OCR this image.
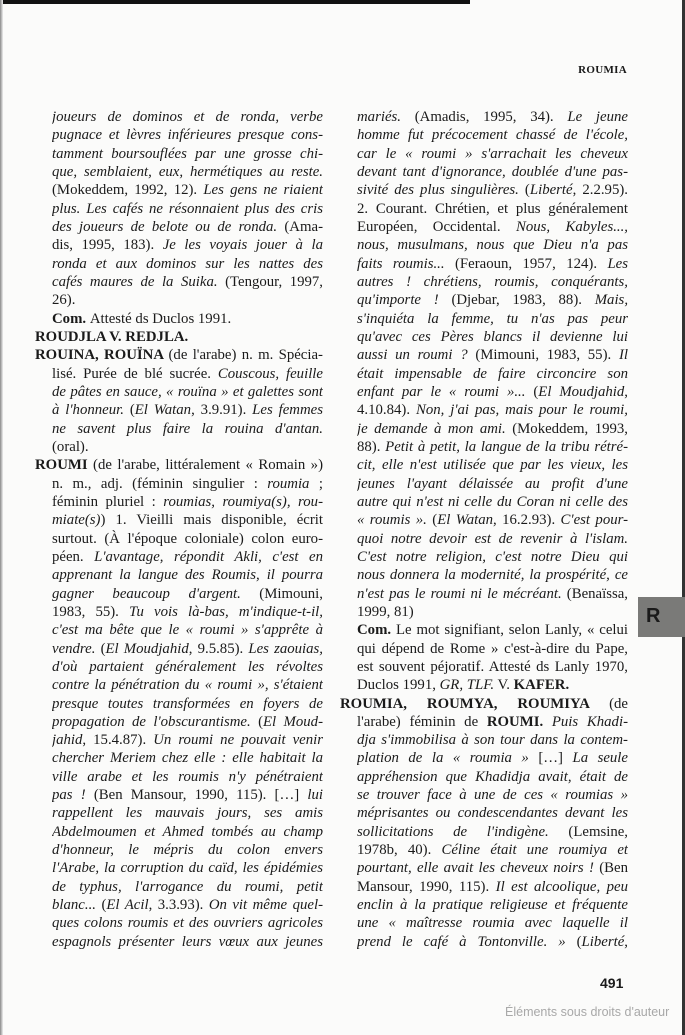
ROUMIA
joueurs de dominos et de ronda, verbe
pugnace et lèvres inférieures presque cons-
tamment boursouflées par une grosse chi-
que, semblaient, eux, hermétiques au reste.
(Mokeddem, 1992, 12). Les gens ne riaient
plus. Les cafés ne résonnaient plus des cris
des joueurs de belote ou de ronda. (Ama-
dis, 1995, 183). Je les voyais jouer à la
ronda et aux dominos sur les nattes des
cafés maures de la Suika. (Tengour, 1997,
26).
Com. Attesté ds Duclos 1991.
ROUDJLA V. REDJLA.
ROUINA, ROUÏNA (de l'arabe) n. m. Spécia-
lisé. Purée de blé sucrée. Couscous, feuille
de pâtes en sauce, « rouïna » et galettes sont
à l'honneur. (El Watan, 3.9.91). Les femmes
ne savent plus faire la rouina d'antan.
(oral).
ROUMI (de l'arabe, littéralement « Romain »)
n. m., adj. (féminin singulier : roumia ;
féminin pluriel : roumias, roumiya(s), rou-
miate(s)) 1. Vieilli mais disponible, écrit
surtout. (À l'époque coloniale) colon euro-
péen. L'avantage, répondit Akli, c'est en
apprenant la langue des Roumis, il pourra
gagner beaucoup d'argent. (Mimouni,
1983, 55). Tu vois là-bas, m'indique-t-il,
c'est ma bête que le « roumi » s'apprête à
vendre. (El Moudjahid, 9.5.85). Les zaouias,
d'où partaient généralement les révoltes
contre la pénétration du « roumi », s'étaient
presque toutes transformées en foyers de
propagation de l'obscurantisme. (El Moud-
jahid, 15.4.87). Un roumi ne pouvait venir
chercher Meriem chez elle : elle habitait la
ville arabe et les roumis n'y pénétraient
pas ! (Ben Mansour, 1990, 115). […] lui
rappellent les mauvais jours, ses amis
Abdelmoumen et Ahmed tombés au champ
d'honneur, le mépris du colon envers
l'Arabe, la corruption du caïd, les épidémies
de typhus, l'arrogance du roumi, petit
blanc... (El Acil, 3.3.93). On vit même quel-
ques colons roumis et des ouvriers agricoles
espagnols présenter leurs vœux aux jeunes
mariés. (Amadis, 1995, 34). Le jeune
homme fut précocement chassé de l'école,
car le « roumi » s'arrachait les cheveux
devant tant d'ignorance, doublée d'une pas-
sivité des plus singulières. (Liberté, 2.2.95).
2. Courant. Chrétien, et plus généralement
Européen, Occidental. Nous, Kabyles...,
nous, musulmans, nous que Dieu n'a pas
faits roumis... (Feraoun, 1957, 124). Les
autres ! chrétiens, roumis, conquérants,
qu'importe ! (Djebar, 1983, 88). Mais,
s'inquiéta la femme, tu n'as pas peur
qu'avec ces Pères blancs il devienne lui
aussi un roumi ? (Mimouni, 1983, 55). Il
était impensable de faire circoncire son
enfant par le « roumi »... (El Moudjahid,
4.10.84). Non, j'ai pas, mais pour le roumi,
je demande à mon ami. (Mokeddem, 1993,
88). Petit à petit, la langue de la tribu rétré-
cit, elle n'est utilisée que par les vieux, les
jeunes l'ayant délaissée au profit d'une
autre qui n'est ni celle du Coran ni celle des
« roumis ». (El Watan, 16.2.93). C'est pour-
quoi notre devoir est de revenir à l'islam.
C'est notre religion, c'est notre Dieu qui
nous donnera la modernité, la prospérité, ce
n'est pas le roumi ni le mécréant. (Benaïssa,
1999, 81)
Com. Le mot signifiant, selon Lanly, « celui
qui dépend de Rome » c'est-à-dire du Pape,
est souvent péjoratif. Attesté ds Lanly 1970,
Duclos 1991, GR, TLF. V. KAFER.
ROUMIA, ROUMYA, ROUMIYA (de
l'arabe) féminin de ROUMI. Puis Khadi-
dja s'immobilisa à son tour dans la contem-
plation de la « roumia » […] La seule
appréhension que Khadidja avait, était de
se trouver face à une de ces « roumias »
méprisantes ou condescendantes devant les
sollicitations de l'indigène. (Lemsine,
1978b, 40). Céline était une roumiya et
pourtant, elle avait les cheveux noirs ! (Ben
Mansour, 1990, 115). Il est alcoolique, peu
enclin à la pratique religieuse et fréquente
une « maîtresse roumia avec laquelle il
prend le café à Tontonville. » (Liberté,
R
491
Éléments sous droits d'auteur
